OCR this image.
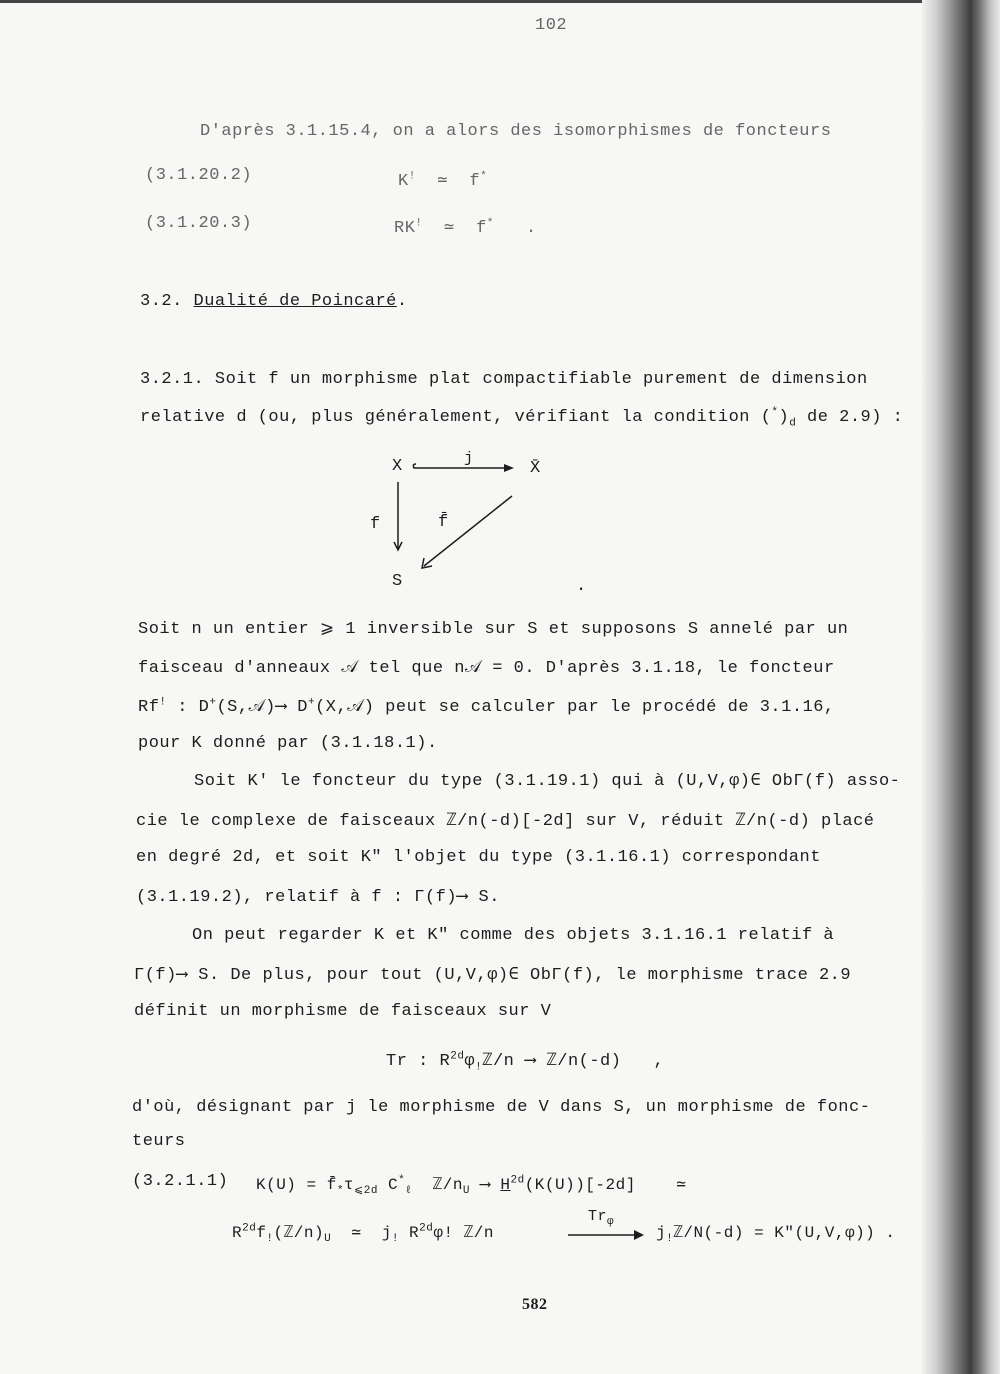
102
D'après 3.1.15.4, on a alors des isomorphismes de foncteurs
(3.1.20.2)	K! ≃ f*
(3.1.20.3)	RK! ≃ f* .
3.2. Dualité de Poincaré.
3.2.1. Soit f un morphisme plat compactifiable purement de dimension
relative d (ou, plus généralement, vérifiant la condition $(^*)_d$ de 2.9) :
X	j
X̄
f	f̄
S	.
Soit n un entier ⩾ 1 inversible sur S et supposons S annelé par un
faisceau d'anneaux 𝒜 tel que n𝒜 = 0. D'après 3.1.18, le foncteur
Rf! : D+(S,𝒜)⟶ D+(X,𝒜) peut se calculer par le procédé de 3.1.16,
pour K donné par (3.1.18.1).
Soit K' le foncteur du type (3.1.19.1) qui à (U,V,φ)∈ ObΓ(f) asso-
cie le complexe de faisceaux ℤ/n(-d)[-2d] sur V, réduit ℤ/n(-d) placé
en degré 2d, et soit K" l'objet du type (3.1.16.1) correspondant
(3.1.19.2), relatif à f : Γ(f)⟶ S.
On peut regarder K et K" comme des objets 3.1.16.1 relatif à
Γ(f)⟶ S. De plus, pour tout (U,V,φ)∈ ObΓ(f), le morphisme trace 2.9
définit un morphisme de faisceaux sur V
Tr : $R^{2d}\varphi_!ℤ/n$ ⟶ ℤ/n(-d)   ,
d'où, désignant par j le morphisme de V dans S, un morphisme de fonc-
teurs
(3.2.1.1) $K(U) = f̄_*\tau_{⩽2d}$ $C^*_\ell$  $ℤ/n_U$ ⟶ $H^{2d}(K(U))[-2d]$    ≃
$R^{2d}f_!(ℤ/n)_U$  ≃  $j_!$ $R^{2d}\varphi$! ℤ/n
$Tr_\varphi$
$j_!ℤ/N(-d)$ = K"(U,V,φ)) .
582
